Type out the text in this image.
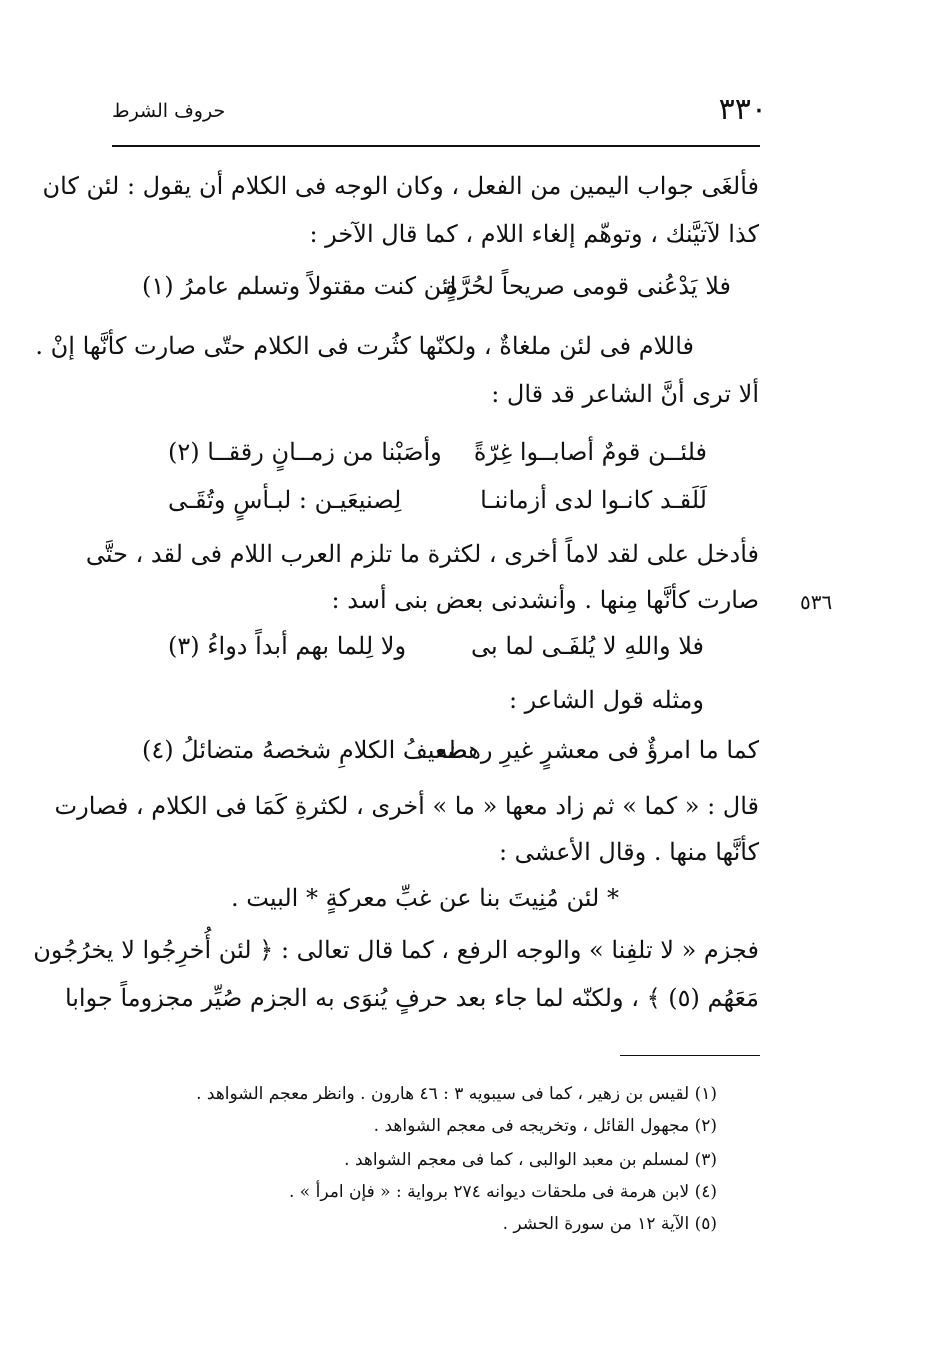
٣٣٠
حروف الشرط
فألغَى جواب اليمين من الفعل ، وكان الوجه فى الكلام أن يقول : لئن كان
كذا لآتيَّنك ، وتوهّم إلغاء اللام ، كما قال الآخر :
فلا يَدْعُنى قومى صريحاً لحُرَّةٍ
لئن كنت مقتولاً وتسلم عامرُ (١)
فاللام فى لئن ملغاةٌ ، ولكنّها كثُرت فى الكلام حتّى صارت كأنَّها إنْ .
ألا ترى أنَّ الشاعر قد قال :
فلئــن قومٌ أصابــوا غِرّةً
وأصَبْنا من زمــانٍ رققــا (٢)
لَلَقـد كانـوا لدى أزماننـا
لِصنيعَيـن : لبـأسٍ وتُقَـى
فأدخل على لقد لاماً أخرى ، لكثرة ما تلزم العرب اللام فى لقد ، حتَّى
صارت كأنَّها مِنها . وأنشدنى بعض بنى أسد : ٥٣٦
فلا واللهِ لا يُلفَـى لما بى
ولا لِلما بهم أبداً دواءُ (٣)
ومثله قول الشاعر :
كما ما امرؤٌ فى معشرٍ غيرِ رهطه
ضعيفُ الكلامِ شخصهُ متضائلُ (٤)
قال : « كما » ثم زاد معها « ما » أخرى ، لكثرةِ كَمَا فى الكلام ، فصارت
كأنَّها منها . وقال الأعشى :
* لئن مُنِيتَ بنا عن غبِّ معركةٍ * البيت .
فجزم « لا تلفِنا » والوجه الرفع ، كما قال تعالى : ﴿ لئن أُخرِجُوا لا يخرُجُون
مَعَهُم (٥) ﴾ ، ولكنّه لما جاء بعد حرفٍ يُنوَى به الجزم صُيِّر مجزوماً جوابا
(١) لقيس بن زهير ، كما فى سيبويه ٣ : ٤٦ هارون . وانظر معجم الشواهد .
(٢) مجهول القائل ، وتخريجه فى معجم الشواهد .
(٣) لمسلم بن معبد الوالبى ، كما فى معجم الشواهد .
(٤) لابن هرمة فى ملحقات ديوانه ٢٧٤ برواية : « فإن امرأ » .
(٥) الآية ١٢ من سورة الحشر .
